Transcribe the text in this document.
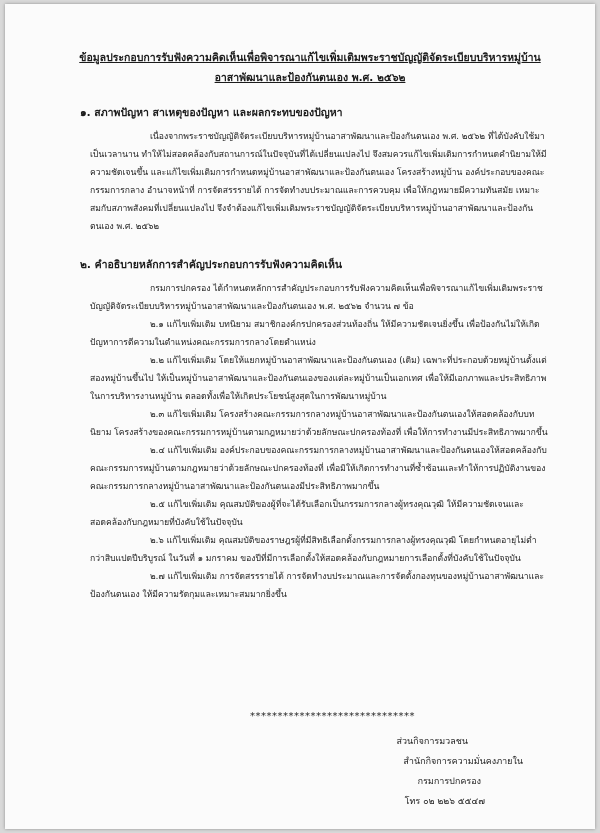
ข้อมูลประกอบการรับฟังความคิดเห็นเพื่อพิจารณาแก้ไขเพิ่มเติมพระราชบัญญัติจัดระเบียบบริหารหมู่บ้าน
อาสาพัฒนาและป้องกันตนเอง พ.ศ. ๒๕๖๒
๑. สภาพปัญหา สาเหตุของปัญหา และผลกระทบของปัญหา

เนื่องจากพระราชบัญญัติจัดระเบียบบริหารหมู่บ้านอาสาพัฒนาและป้องกันตนเอง พ.ศ. ๒๕๖๒ ที่ได้บังคับใช้มาเป็นเวลานาน ทำให้ไม่สอดคล้องกับสถานการณ์ในปัจจุบันที่ได้เปลี่ยนแปลงไป จึงสมควรแก้ไขเพิ่มเติมการกำหนดคำนิยามให้มีความชัดเจนขึ้น และแก้ไขเพิ่มเติมการกำหนดหมู่บ้านอาสาพัฒนาและป้องกันตนเอง โครงสร้างหมู่บ้าน องค์ประกอบของคณะกรรมการกลาง อำนาจหน้าที่ การจัดสรรรายได้ การจัดทำงบประมาณและการควบคุม เพื่อให้กฎหมายมีความทันสมัย เหมาะสมกับสภาพสังคมที่เปลี่ยนแปลงไป จึงจำต้องแก้ไขเพิ่มเติมพระราชบัญญัติจัดระเบียบบริหารหมู่บ้านอาสาพัฒนาและป้องกันตนเอง พ.ศ. ๒๕๖๒

๒. คำอธิบายหลักการสำคัญประกอบการรับฟังความคิดเห็น

กรมการปกครอง ได้กำหนดหลักการสำคัญประกอบการรับฟังความคิดเห็นเพื่อพิจารณาแก้ไขเพิ่มเติมพระราชบัญญัติจัดระเบียบบริหารหมู่บ้านอาสาพัฒนาและป้องกันตนเอง พ.ศ. ๒๕๖๒ จำนวน ๗ ข้อ

๒.๑ แก้ไขเพิ่มเติม บทนิยาม สมาชิกองค์กรปกครองส่วนท้องถิ่น ให้มีความชัดเจนยิ่งขึ้น เพื่อป้องกันไม่ให้เกิดปัญหาการตีความในตำแหน่งคณะกรรมการกลางโดยตำแหน่ง

๒.๒ แก้ไขเพิ่มเติม โดยให้แยกหมู่บ้านอาสาพัฒนาและป้องกันตนเอง (เดิม) เฉพาะที่ประกอบด้วยหมู่บ้านตั้งแต่สองหมู่บ้านขึ้นไป ให้เป็นหมู่บ้านอาสาพัฒนาและป้องกันตนเองของแต่ละหมู่บ้านเป็นเอกเทศ เพื่อให้มีเอกภาพและประสิทธิภาพในการบริหารงานหมู่บ้าน ตลอดทั้งเพื่อให้เกิดประโยชน์สูงสุดในการพัฒนาหมู่บ้าน

๒.๓ แก้ไขเพิ่มเติม โครงสร้างคณะกรรมการกลางหมู่บ้านอาสาพัฒนาและป้องกันตนเองให้สอดคล้องกับบทนิยาม โครงสร้างของคณะกรรมการหมู่บ้านตามกฎหมายว่าด้วยลักษณะปกครองท้องที่ เพื่อให้การทำงานมีประสิทธิภาพมากขึ้น

๒.๔ แก้ไขเพิ่มเติม องค์ประกอบของคณะกรรมการกลางหมู่บ้านอาสาพัฒนาและป้องกันตนเองให้สอดคล้องกับคณะกรรมการหมู่บ้านตามกฎหมายว่าด้วยลักษณะปกครองท้องที่ เพื่อมิให้เกิดการทำงานที่ซ้ำซ้อนและทำให้การปฏิบัติงานของคณะกรรมการกลางหมู่บ้านอาสาพัฒนาและป้องกันตนเองมีประสิทธิภาพมากขึ้น

๒.๕ แก้ไขเพิ่มเติม คุณสมบัติของผู้ที่จะได้รับเลือกเป็นกรรมการกลางผู้ทรงคุณวุฒิ ให้มีความชัดเจนและสอดคล้องกับกฎหมายที่บังคับใช้ในปัจจุบัน

๒.๖ แก้ไขเพิ่มเติม คุณสมบัติของราษฎรผู้ที่มีสิทธิเลือกตั้งกรรมการกลางผู้ทรงคุณวุฒิ โดยกำหนดอายุไม่ต่ำกว่าสิบแปดปีบริบูรณ์ ในวันที่ ๑ มกราคม ของปีที่มีการเลือกตั้งให้สอดคล้องกับกฎหมายการเลือกตั้งที่บังคับใช้ในปัจจุบัน

๒.๗ แก้ไขเพิ่มเติม การจัดสรรรายได้ การจัดทำงบประมาณและการจัดตั้งกองทุนของหมู่บ้านอาสาพัฒนาและป้องกันตนเอง ให้มีความรัดกุมและเหมาะสมมากยิ่งขึ้น

******************************
ส่วนกิจการมวลชน
สำนักกิจการความมั่นคงภายใน
กรมการปกครอง
โทร ๐๒ ๒๒๖ ๕๕๔๗
